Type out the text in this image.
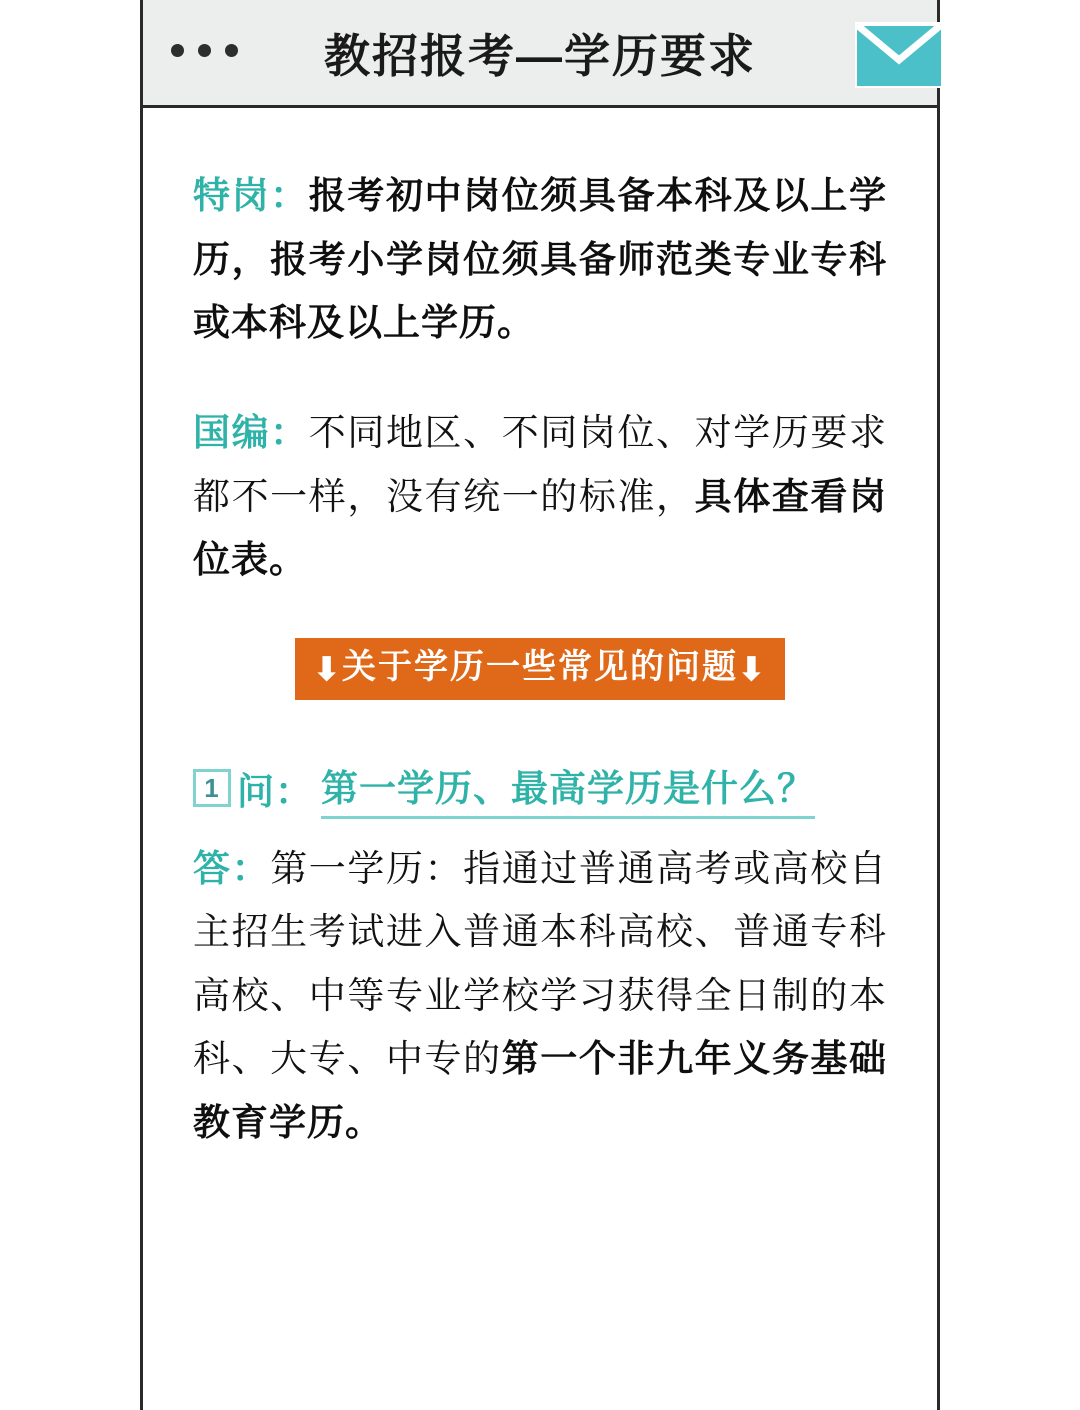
教招报考—学历要求

特岗：报考初中岗位须具备本科及以上学历，报考小学岗位须具备师范类专业专科或本科及以上学历。

国编：不同地区、不同岗位、对学历要求都不一样，没有统一的标准，具体查看岗位表。

⬇关于学历一些常见的问题⬇
1 问： 第一学历、最高学历是什么？

答：第一学历：指通过普通高考或高校自主招生考试进入普通本科高校、普通专科高校、中等专业学校学习获得全日制的本科、大专、中专的第一个非九年义务基础教育学历。
